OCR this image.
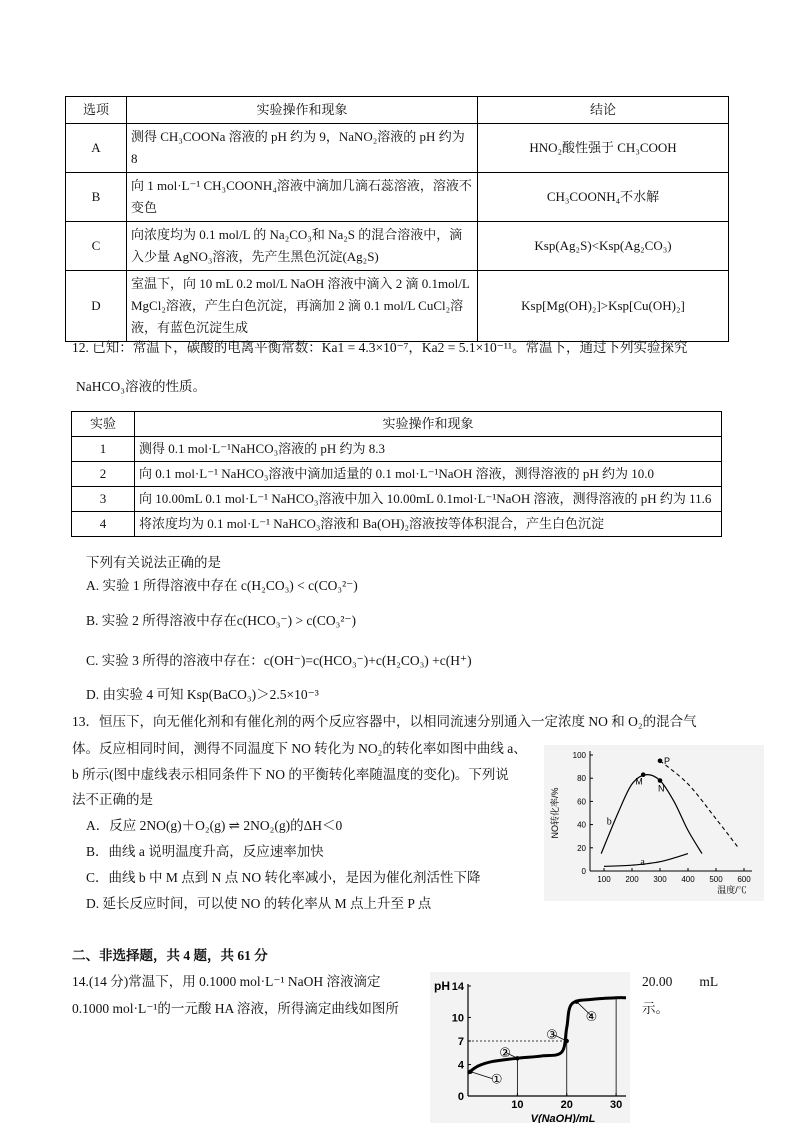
选项	实验操作和现象	结论
A	测得 CH₃COONa 溶液的 pH 约为 9，NaNO₂溶液的 pH 约为 8	HNO₂酸性强于 CH₃COOH
B	向 1 mol·L⁻¹ CH₃COONH₄溶液中滴加几滴石蕊溶液，溶液不变色	CH₃COONH₄不水解
C	向浓度均为 0.1 mol/L 的 Na₂CO₃和 Na₂S 的混合溶液中，滴入少量 AgNO₃溶液，先产生黑色沉淀(Ag₂S)	Ksp(Ag₂S)<Ksp(Ag₂CO₃)
D	室温下，向 10 mL 0.2 mol/L NaOH 溶液中滴入 2 滴 0.1mol/L MgCl₂溶液，产生白色沉淀，再滴加 2 滴 0.1 mol/L CuCl₂溶液，有蓝色沉淀生成	Ksp[Mg(OH)₂]>Ksp[Cu(OH)₂]
12. 已知：常温下，碳酸的电离平衡常数：Ka1 = 4.3×10⁻⁷，Ka2 = 5.1×10⁻¹¹。常温下，通过下列实验探究
NaHCO₃溶液的性质。
实验	实验操作和现象
1	测得 0.1 mol·L⁻¹NaHCO₃溶液的 pH 约为 8.3
2	向 0.1 mol·L⁻¹ NaHCO₃溶液中滴加适量的 0.1 mol·L⁻¹NaOH 溶液，测得溶液的 pH 约为 10.0
3	向 10.00mL 0.1 mol·L⁻¹ NaHCO₃溶液中加入 10.00mL 0.1mol·L⁻¹NaOH 溶液，测得溶液的 pH 约为 11.6
4	将浓度均为 0.1 mol·L⁻¹ NaHCO₃溶液和 Ba(OH)₂溶液按等体积混合，产生白色沉淀
下列有关说法正确的是
A. 实验 1 所得溶液中存在 c(H₂CO₃) < c(CO₃²⁻)
B. 实验 2 所得溶液中存在c(HCO₃⁻) > c(CO₃²⁻)
C. 实验 3 所得的溶液中存在：c(OH⁻)=c(HCO₃⁻)+c(H₂CO₃) +c(H⁺)
D. 由实验 4 可知 Ksp(BaCO₃)＞2.5×10⁻³
13．恒压下，向无催化剂和有催化剂的两个反应容器中，以相同流速分别通入一定浓度 NO 和 O₂的混合气
体。反应相同时间，测得不同温度下 NO 转化为 NO₂的转化率如图中曲线 a、
b 所示(图中虚线表示相同条件下 NO 的平衡转化率随温度的变化)。下列说
法不正确的是
A．反应 2NO(g)＋O₂(g) ⇌ 2NO₂(g)的ΔH＜0
B．曲线 a 说明温度升高，反应速率加快
C．曲线 b 中 M 点到 N 点 NO 转化率减小，是因为催化剂活性下降
D. 延长反应时间，可以使 NO 的转化率从 M 点上升至 P 点
100 200 300 400 500 600
0
20
40
60
80
100
NO转化率/%
温度/℃
P
M
N
a
b
二、非选择题，共 4 题，共 61 分
14.(14 分)常温下，用 0.1000 mol·L⁻¹ NaOH 溶液滴定	20.00　　mL
0.1000 mol·L⁻¹的一元酸 HA 溶液，所得滴定曲线如图所	示。
pH 14
10
7
4
0
10	20	30
V(NaOH)/mL
①
②
③
④
